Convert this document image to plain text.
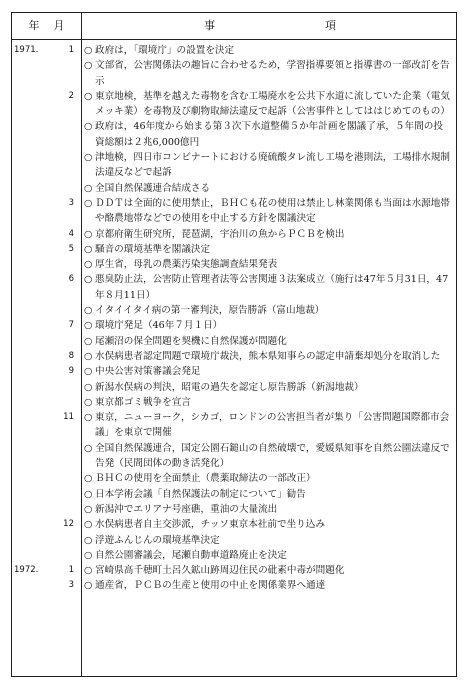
年月	事項
1971.	1 ○ 政府は，「環境庁」の設置を決定
○ 文部省，公害関係法の趣旨に合わせるため，学習指導要領と指導書の一部改訂を告示
2 ○ 東京地検，基準を越えた毒物を含む工場廃水を公共下水道に流していた企業（電気メッキ業）を毒物及び劇物取締法違反で起訴（公害事件としてははじめてのもの）
○ 政府は，46年度から始まる第３次下水道整備５か年計画を閣議了承，５年間の投資総額は２兆6,000億円
○ 津地検，四日市コンビナートにおける廃硫酸タレ流し工場を港則法，工場排水規制法違反などで起訴
○ 全国自然保護連合結成さる
3 ○ ＤＤＴは全面的に使用禁止，ＢＨＣも花の使用は禁止し林業関係も当面は水源地帯や酪農地帯などでの使用を中止する方針を閣議決定
4 ○ 京都府衛生研究所，琵琶湖，宇治川の魚からＰＣＢを検出
5 ○ 騒音の環境基準を閣議決定
○ 厚生省，母乳の農薬汚染実態調査結果発表
6 ○ 悪臭防止法，公害防止管理者法等公害関連３法案成立（施行は47年５月31日，47年８月11日）
○ イタイイタイ病の第一審判決，原告勝訴（富山地裁）
7 ○ 環境庁発足（46年７月１日）
○ 尾瀬沼の保全問題を契機に自然保護が問題化
8 ○ 水俣病患者認定問題で環境庁裁決，熊本県知事らの認定申請棄却処分を取消した
9 ○ 中央公害対策審議会発足
○ 新潟水俣病の判決，昭電の過失を認定し原告勝訴（新潟地裁）
○ 東京都ゴミ戦争を宣言
11 ○ 東京，ニューヨーク，シカゴ，ロンドンの公害担当者が集り「公害問題国際都市会議」を東京で開催
○ 全国自然保護連合，国定公園石鎚山の自然破壊で，愛媛県知事を自然公園法違反で告発（民間団体の動き活発化）
○ ＢＨＣの使用を全面禁止（農薬取締法の一部改正）
○ 日本学術会議「自然保護法の制定について」勧告
○ 新潟沖でエリアナ号座礁，重油の大量流出
12 ○ 水俣病患者自主交渉派，チッソ東京本社前で坐り込み
○ 浮遊ふんじんの環境基準決定
○ 自然公園審議会，尾瀬自動車道路廃止を決定
1972.	1 ○ 宮崎県高千穂町土呂久鉱山跡周辺住民の砒素中毒が問題化
3 ○ 通産省，ＰＣＢの生産と使用の中止を関係業界へ通達
